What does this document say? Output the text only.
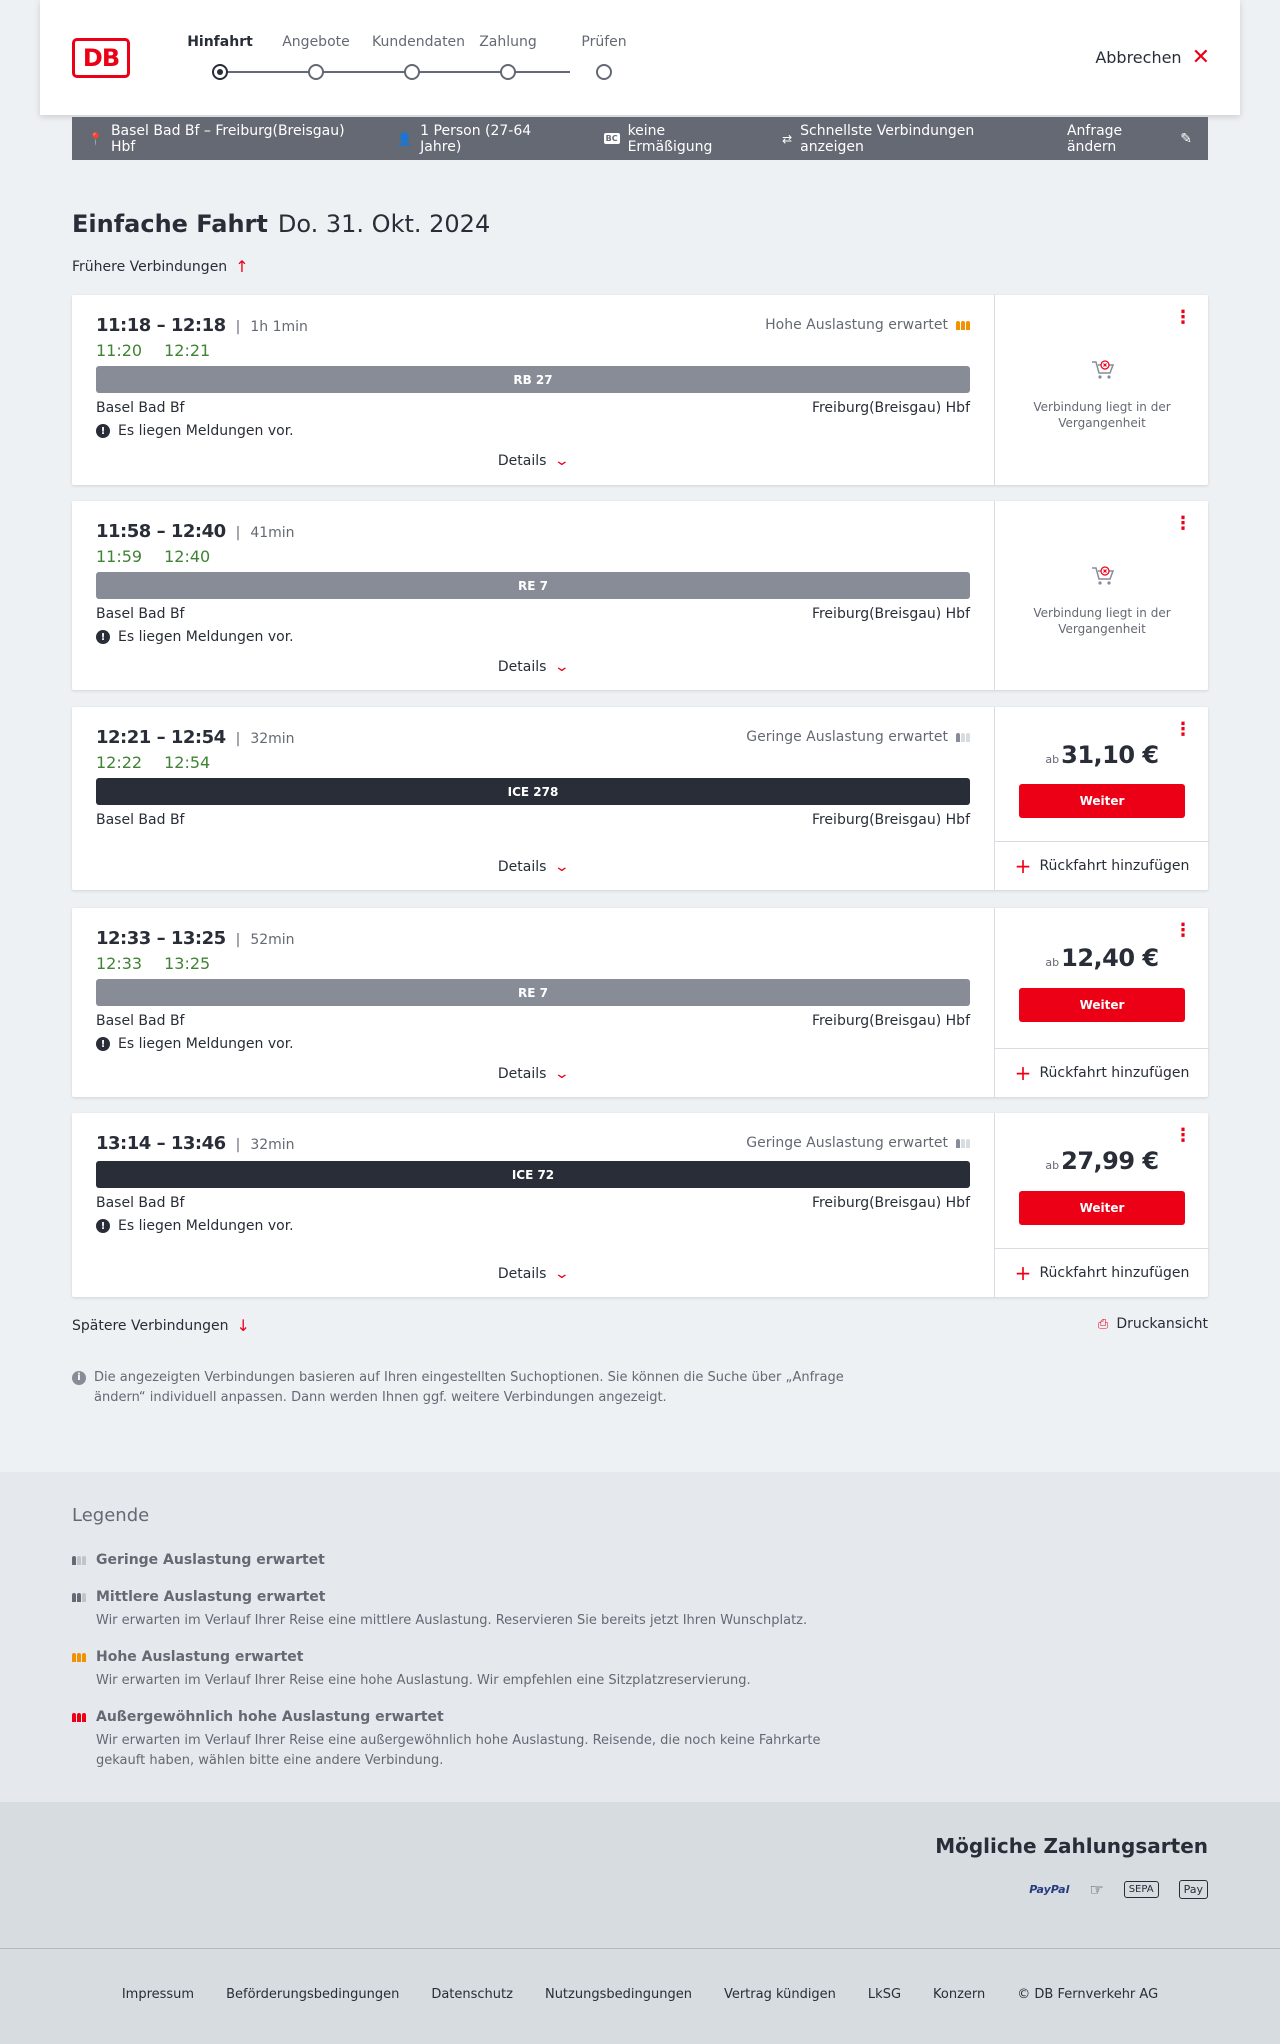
DB
Hinfahrt	Angebote	Kundendaten	Zahlung	Prüfen
Abbrechen ✕
📍 Basel Bad Bf – Freiburg(Breisgau) Hbf	👤 1 Person (27-64 Jahre)	BC keine Ermäßigung	⇄ Schnellste Verbindungen anzeigen
Anfrage ändern	✎
Einfache Fahrt Do. 31. Okt. 2024
Frühere Verbindungen ↑
11:18 – 12:18 | 1h 1min
11:20 12:21
Hohe Auslastung erwartet
RB 27
Basel Bad Bf	Freiburg(Breisgau) Hbf
! Es liegen Meldungen vor.
Details ⌄
⋮
Verbindung liegt in der
Vergangenheit
11:58 – 12:40 | 41min
11:59 12:40
RE 7
Basel Bad Bf	Freiburg(Breisgau) Hbf
! Es liegen Meldungen vor.
Details ⌄
⋮
Verbindung liegt in der
Vergangenheit
12:21 – 12:54 | 32min
12:22 12:54
Geringe Auslastung erwartet
ICE 278
Basel Bad Bf	Freiburg(Breisgau) Hbf
Details ⌄
⋮
ab31,10 €
Weiter
+ Rückfahrt hinzufügen
12:33 – 13:25 | 52min
12:33 13:25
RE 7
Basel Bad Bf	Freiburg(Breisgau) Hbf
! Es liegen Meldungen vor.
Details ⌄
⋮
ab12,40 €
Weiter
+ Rückfahrt hinzufügen
13:14 – 13:46 | 32min	Geringe Auslastung erwartet
ICE 72
Basel Bad Bf	Freiburg(Breisgau) Hbf
! Es liegen Meldungen vor.
Details ⌄
⋮
ab27,99 €
Weiter
+ Rückfahrt hinzufügen
Spätere Verbindungen ↓	⎙ Druckansicht
i	Die angezeigten Verbindungen basieren auf Ihren eingestellten Suchoptionen. Sie können die Suche über „Anfrage ändern“ individuell anpassen. Dann werden Ihnen ggf. weitere Verbindungen angezeigt.
Legende
Geringe Auslastung erwartet
Mittlere Auslastung erwartet
Wir erwarten im Verlauf Ihrer Reise eine mittlere Auslastung. Reservieren Sie bereits jetzt Ihren Wunschplatz.
Hohe Auslastung erwartet
Wir erwarten im Verlauf Ihrer Reise eine hohe Auslastung. Wir empfehlen eine Sitzplatzreservierung.
Außergewöhnlich hohe Auslastung erwartet
Wir erwarten im Verlauf Ihrer Reise eine außergewöhnlich hohe Auslastung. Reisende, die noch keine Fahrkarte gekauft haben, wählen bitte eine andere Verbindung.
Mögliche Zahlungsarten
PayPal ☞	SEPA	Pay
Impressum Beförderungsbedingungen Datenschutz Nutzungsbedingungen Vertrag kündigen LkSG Konzern © DB Fernverkehr AG
